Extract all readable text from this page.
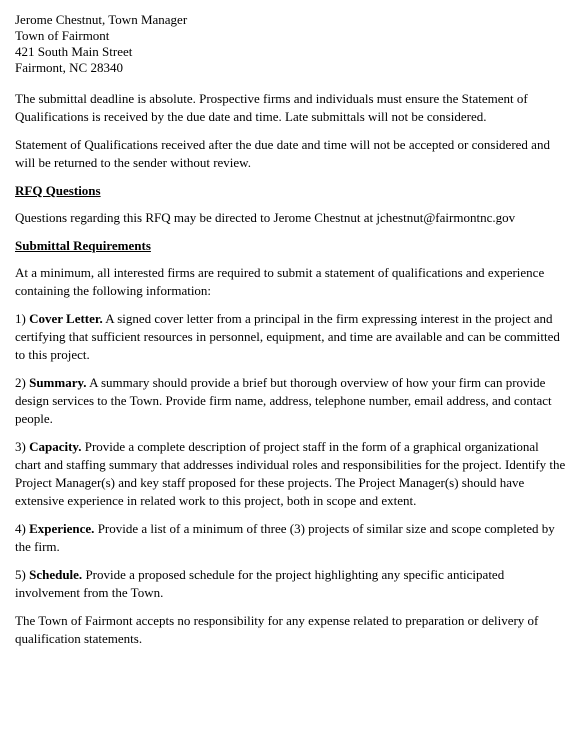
Jerome Chestnut, Town Manager
Town of Fairmont
421 South Main Street
Fairmont, NC 28340

The submittal deadline is absolute. Prospective firms and individuals must ensure the Statement of Qualifications is received by the due date and time. Late submittals will not be considered.

Statement of Qualifications received after the due date and time will not be accepted or considered and will be returned to the sender without review.

RFQ Questions

Questions regarding this RFQ may be directed to Jerome Chestnut at jchestnut@fairmontnc.gov

Submittal Requirements

At a minimum, all interested firms are required to submit a statement of qualifications and experience containing the following information:

1) Cover Letter. A signed cover letter from a principal in the firm expressing interest in the project and certifying that sufficient resources in personnel, equipment, and time are available and can be committed to this project.

2) Summary. A summary should provide a brief but thorough overview of how your firm can provide design services to the Town. Provide firm name, address, telephone number, email address, and contact people.

3) Capacity. Provide a complete description of project staff in the form of a graphical organizational chart and staffing summary that addresses individual roles and responsibilities for the project. Identify the Project Manager(s) and key staff proposed for these projects. The Project Manager(s) should have extensive experience in related work to this project, both in scope and extent.

4) Experience. Provide a list of a minimum of three (3) projects of similar size and scope completed by the firm.

5) Schedule. Provide a proposed schedule for the project highlighting any specific anticipated involvement from the Town.

The Town of Fairmont accepts no responsibility for any expense related to preparation or delivery of qualification statements.
